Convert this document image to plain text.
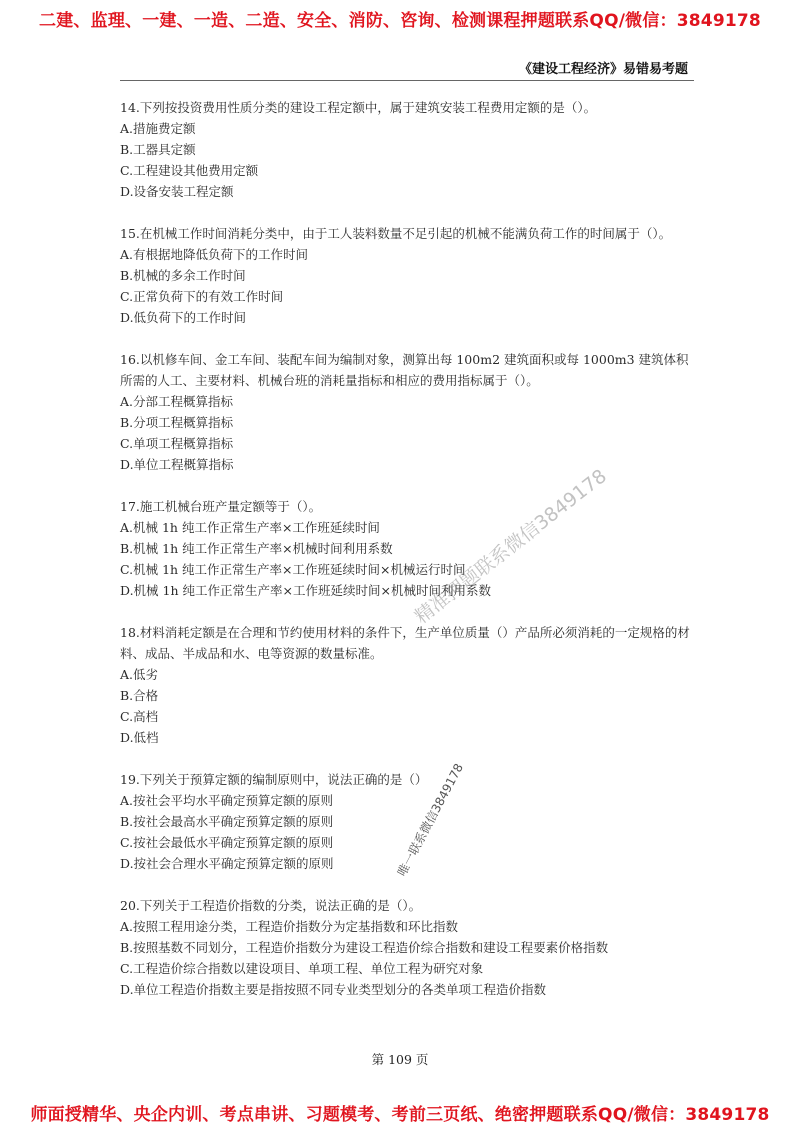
二建、监理、一建、一造、二造、安全、消防、咨询、检测课程押题联系QQ/微信：3849178
《建设工程经济》易错易考题

14.下列按投资费用性质分类的建设工程定额中，属于建筑安装工程费用定额的是（）。

A.措施费定额

B.工器具定额

C.工程建设其他费用定额

D.设备安装工程定额

15.在机械工作时间消耗分类中，由于工人装料数量不足引起的机械不能满负荷工作的时间属于（）。

A.有根据地降低负荷下的工作时间

B.机械的多余工作时间

C.正常负荷下的有效工作时间

D.低负荷下的工作时间

16.以机修车间、金工车间、装配车间为编制对象，测算出每 100m2 建筑面积或每 1000m3 建筑体积所需的人工、主要材料、机械台班的消耗量指标和相应的费用指标属于（）。

A.分部工程概算指标

B.分项工程概算指标

C.单项工程概算指标

D.单位工程概算指标

17.施工机械台班产量定额等于（）。

A.机械 1h 纯工作正常生产率×工作班延续时间

B.机械 1h 纯工作正常生产率×机械时间利用系数

C.机械 1h 纯工作正常生产率×工作班延续时间×机械运行时间

D.机械 1h 纯工作正常生产率×工作班延续时间×机械时间利用系数

18.材料消耗定额是在合理和节约使用材料的条件下，生产单位质量（）产品所必须消耗的一定规格的材料、成品、半成品和水、电等资源的数量标准。

A.低劣

B.合格

C.高档

D.低档

19.下列关于预算定额的编制原则中，说法正确的是（）

A.按社会平均水平确定预算定额的原则

B.按社会最高水平确定预算定额的原则

C.按社会最低水平确定预算定额的原则

D.按社会合理水平确定预算定额的原则

20.下列关于工程造价指数的分类，说法正确的是（）。

A.按照工程用途分类，工程造价指数分为定基指数和环比指数

B.按照基数不同划分，工程造价指数分为建设工程造价综合指数和建设工程要素价格指数

C.工程造价综合指数以建设项目、单项工程、单位工程为研究对象

D.单位工程造价指数主要是指按照不同专业类型划分的各类单项工程造价指数

精准押题联系微信3849178
唯一联系微信3849178
第 109 页
师面授精华、央企内训、考点串讲、习题模考、考前三页纸、绝密押题联系QQ/微信：3849178
